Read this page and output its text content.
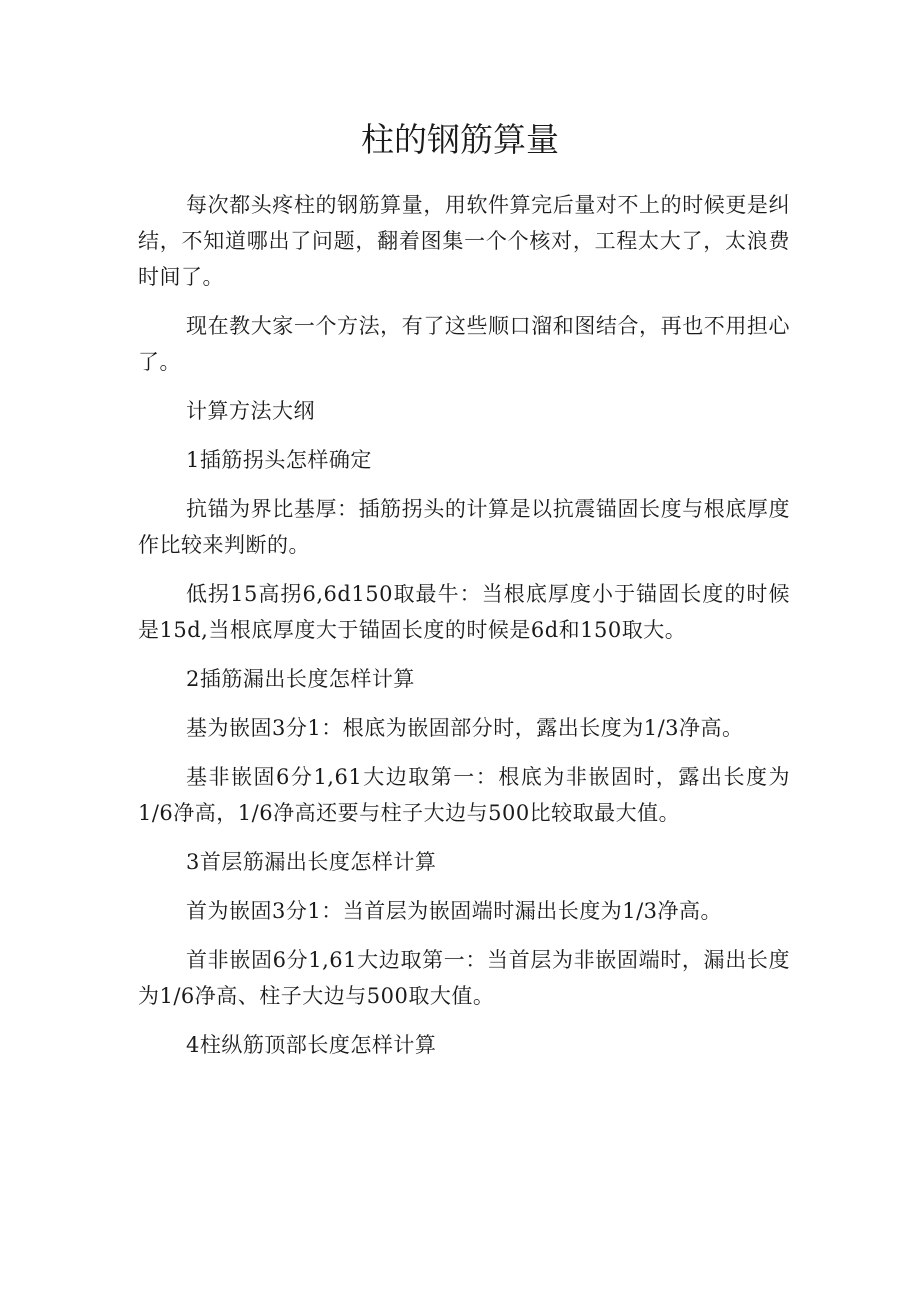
柱的钢筋算量

每次都头疼柱的钢筋算量，用软件算完后量对不上的时候更是纠结，不知道哪出了问题，翻着图集一个个核对，工程太大了，太浪费时间了。

现在教大家一个方法，有了这些顺口溜和图结合，再也不用担心了。

计算方法大纲

1插筋拐头怎样确定

抗锚为界比基厚：插筋拐头的计算是以抗震锚固长度与根底厚度作比较来判断的。

低拐15高拐6,6d150取最牛：当根底厚度小于锚固长度的时候是15d,当根底厚度大于锚固长度的时候是6d和150取大。

2插筋漏出长度怎样计算

基为嵌固3分1：根底为嵌固部分时，露出长度为1/3净高。

基非嵌固6分1,61大边取第一：根底为非嵌固时，露出长度为1/6净高，1/6净高还要与柱子大边与500比较取最大值。

3首层筋漏出长度怎样计算

首为嵌固3分1：当首层为嵌固端时漏出长度为1/3净高。

首非嵌固6分1,61大边取第一：当首层为非嵌固端时，漏出长度为1/6净高、柱子大边与500取大值。

4柱纵筋顶部长度怎样计算
